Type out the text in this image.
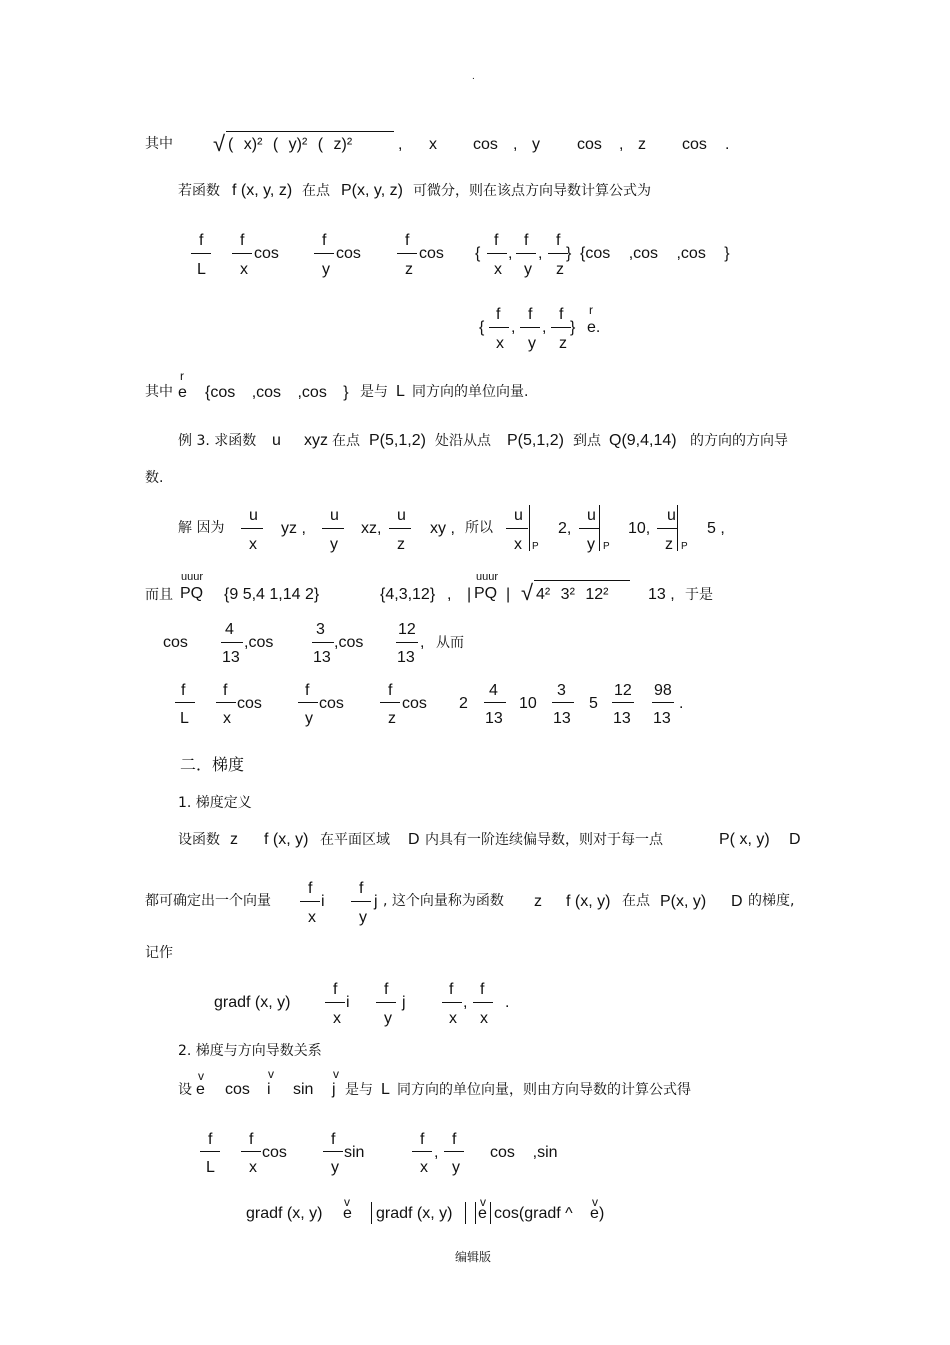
.
其中 √ ( x)² ( y)² ( z)²	, x cos , y cos , z cos .
若函数 f (x, y, z) 在点 P(x, y, z) 可微分，则在该点方向导数计算公式为
f
L
f
x
cos
f
y
cos
f
z
cos {
f
x
,
f
y
,
f
z
} {cos ,cos ,cos }
{
f
x
,
f
y
,
f
z
}
r
e.
其中
r
e {cos ,cos ,cos } 是与 L 同方向的单位向量.
例 3. 求函数 u xyz 在点 P(5,1,2) 处沿从点 P(5,1,2) 到点 Q(9,4,14) 的方向的方向导
数.
解 因为
u
x
yz ,
u
y
xz,
u
z
xy , 所以
u
x P
2,
u
y P
10,
u
z P
5 ,
而且
uuur
PQ {9 5,4 1,14 2}	{4,3,12} , |
uuur
PQ | √ 4² 3² 12² 13 , 于是
cos
4
13
,cos
3
13
,cos
12
13
, 从而
f
L
f
x
cos
f
y
cos
f
z
cos 2
4
13
10
3
13
5
12
13
98
13
.
二．梯度
1. 梯度定义
设函数 z f (x, y) 在平面区域 D 内具有一阶连续偏导数，则对于每一点	P( x, y) D
都可确定出一个向量
f
x
i
f
y
j , 这个向量称为函数 z f (x, y) 在点 P(x, y) D 的梯度,
记作
gradf (x, y)
f
x
i
f
y
j
f
x
,
f
x
.
2. 梯度与方向导数关系
设
v
e cos
v
i sin
v
j 是与 L 同方向的单位向量，则由方向导数的计算公式得
f
L
f
x
cos
f
y
sin
f
x
,
f
y
cos    ,sin
gradf (x, y)
v
e gradf (x, y)
v
e cos(gradf ^
v
e )
编辑版
